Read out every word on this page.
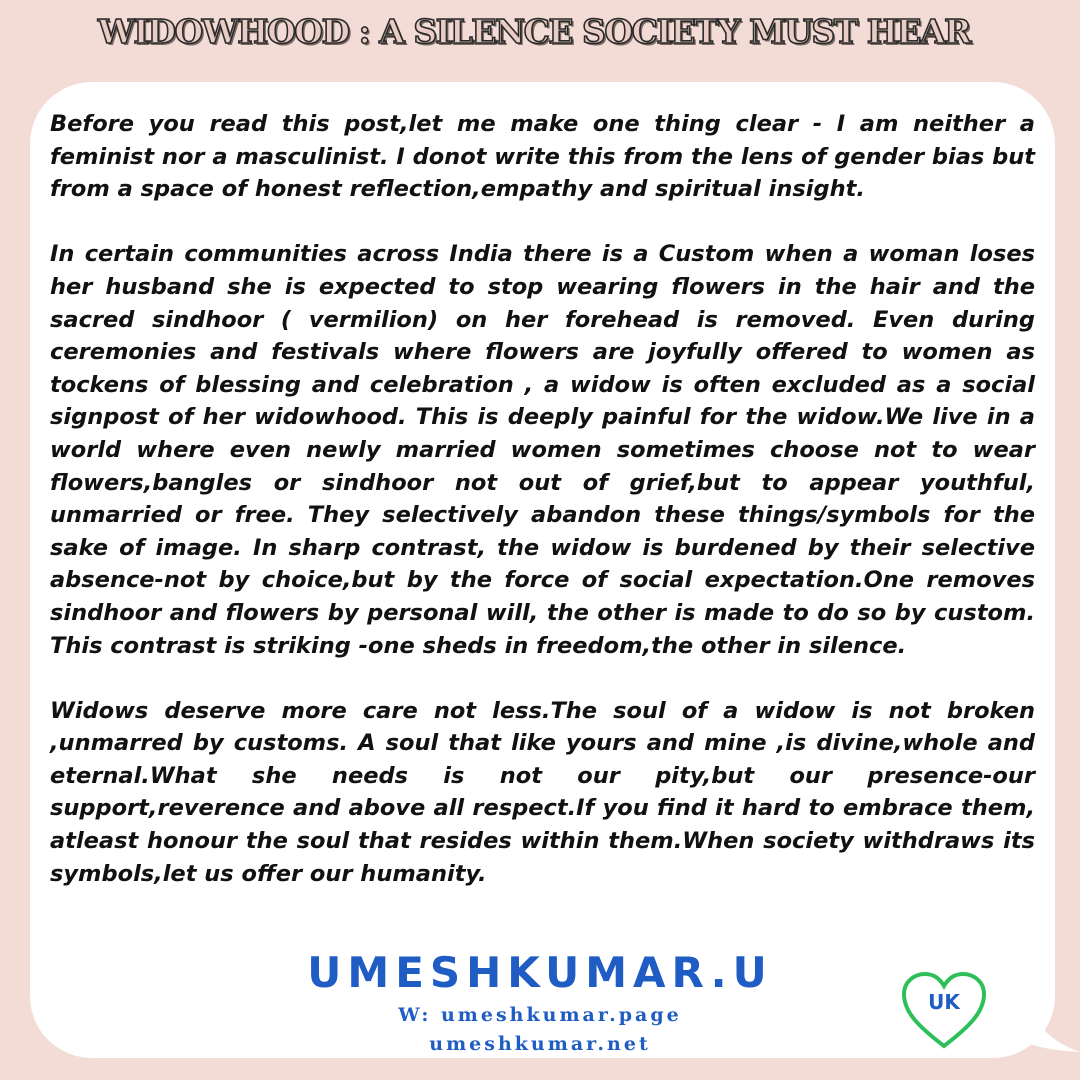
WIDOWHOOD : A SILENCE SOCIETY MUST HEAR

Before you read this post,let me make one thing clear - I am neither a feminist nor a masculinist. I donot write this from the lens of gender bias but from a space of honest reflection,empathy and spiritual insight.

In certain communities across India there is a Custom when a woman loses her husband she is expected to stop wearing flowers in the hair and the sacred sindhoor ( vermilion) on her forehead is removed. Even during ceremonies and festivals where flowers are joyfully offered to women as tockens of blessing and celebration , a widow is often excluded as a social signpost of her widowhood. This is deeply painful for the widow.We live in a world where even newly married women sometimes choose not to wear flowers,bangles or sindhoor not out of grief,but to appear youthful, unmarried or free. They selectively abandon these things/symbols for the sake of image. In sharp contrast, the widow is burdened by their selective absence-not by choice,but by the force of social expectation.One removes sindhoor and flowers by personal will, the other is made to do so by custom. This contrast is striking -one sheds in freedom,the other in silence.

Widows deserve more care not less.The soul of a widow is not broken ,unmarred by customs. A soul that like yours and mine ,is divine,whole and eternal.What she needs is not our pity,but our presence-our support,reverence and above all respect.If you find it hard to embrace them, atleast honour the soul that resides within them.When society withdraws its symbols,let us offer our humanity.

UMESHKUMAR.U
W: umeshkumar.page
umeshkumar.net
UK
